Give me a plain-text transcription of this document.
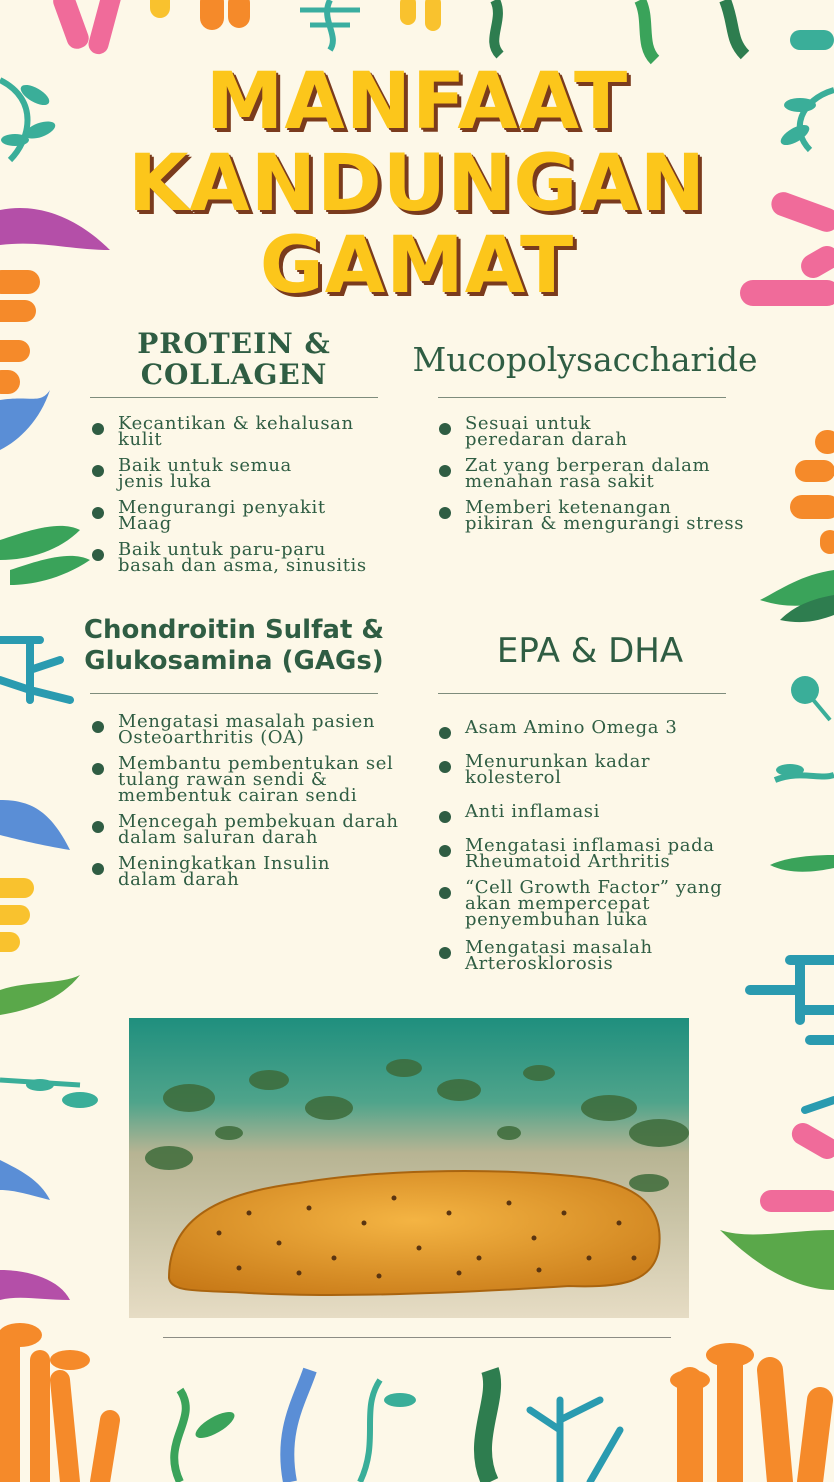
MANFAAT
KANDUNGAN
GAMAT
PROTEIN &
COLLAGEN
Kecantikan & kehalusan
kulit
Baik untuk semua
jenis luka
Mengurangi penyakit
Maag
Baik untuk paru-paru
basah dan asma, sinusitis
Mucopolysaccharide
Sesuai untuk
peredaran darah
Zat yang berperan dalam
menahan rasa sakit
Memberi ketenangan
pikiran & mengurangi stress
Chondroitin Sulfat &
Glukosamina (GAGs)
Mengatasi masalah pasien
Osteoarthritis (OA)
Membantu pembentukan sel
tulang rawan sendi &
membentuk cairan sendi
Mencegah pembekuan darah
dalam saluran darah
Meningkatkan Insulin
dalam darah
EPA & DHA
Asam Amino Omega 3
Menurunkan kadar
kolesterol
Anti inflamasi
Mengatasi inflamasi pada
Rheumatoid Arthritis
“Cell Growth Factor” yang
akan mempercepat
penyembuhan luka
Mengatasi masalah
Arterosklorosis
